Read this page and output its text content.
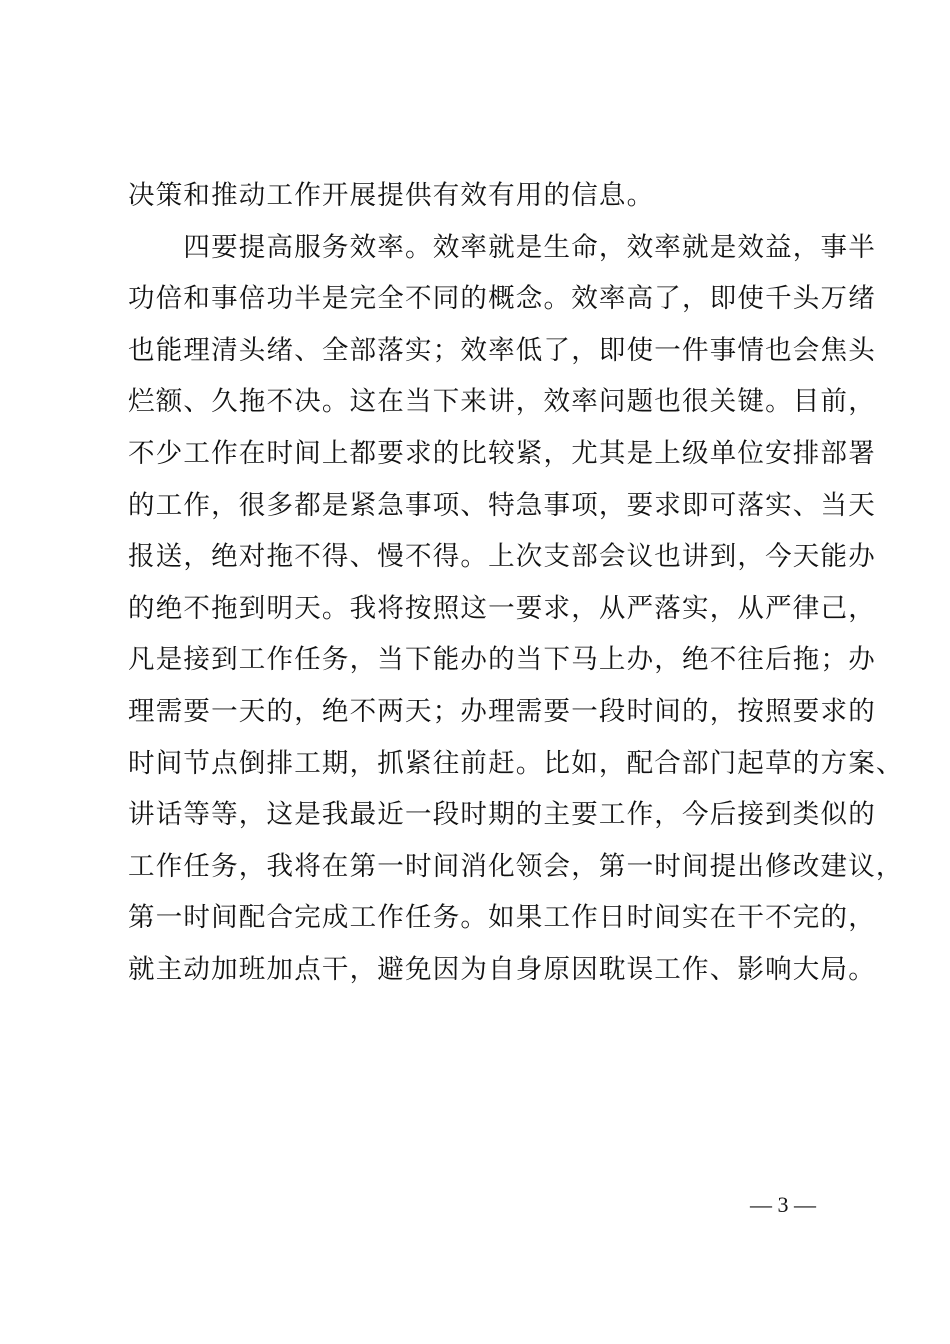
决策和推动工作开展提供有效有用的信息。
　　四要提高服务效率。效率就是生命，效率就是效益，事半
功倍和事倍功半是完全不同的概念。效率高了，即使千头万绪
也能理清头绪、全部落实；效率低了，即使一件事情也会焦头
烂额、久拖不决。这在当下来讲，效率问题也很关键。目前，
不少工作在时间上都要求的比较紧，尤其是上级单位安排部署
的工作，很多都是紧急事项、特急事项，要求即可落实、当天
报送，绝对拖不得、慢不得。上次支部会议也讲到，今天能办
的绝不拖到明天。我将按照这一要求，从严落实，从严律己，
凡是接到工作任务，当下能办的当下马上办，绝不往后拖；办
理需要一天的，绝不两天；办理需要一段时间的，按照要求的
时间节点倒排工期，抓紧往前赶。比如，配合部门起草的方案、
讲话等等，这是我最近一段时期的主要工作，今后接到类似的
工作任务，我将在第一时间消化领会，第一时间提出修改建议，
第一时间配合完成工作任务。如果工作日时间实在干不完的，
就主动加班加点干，避免因为自身原因耽误工作、影响大局。
— 3 —
